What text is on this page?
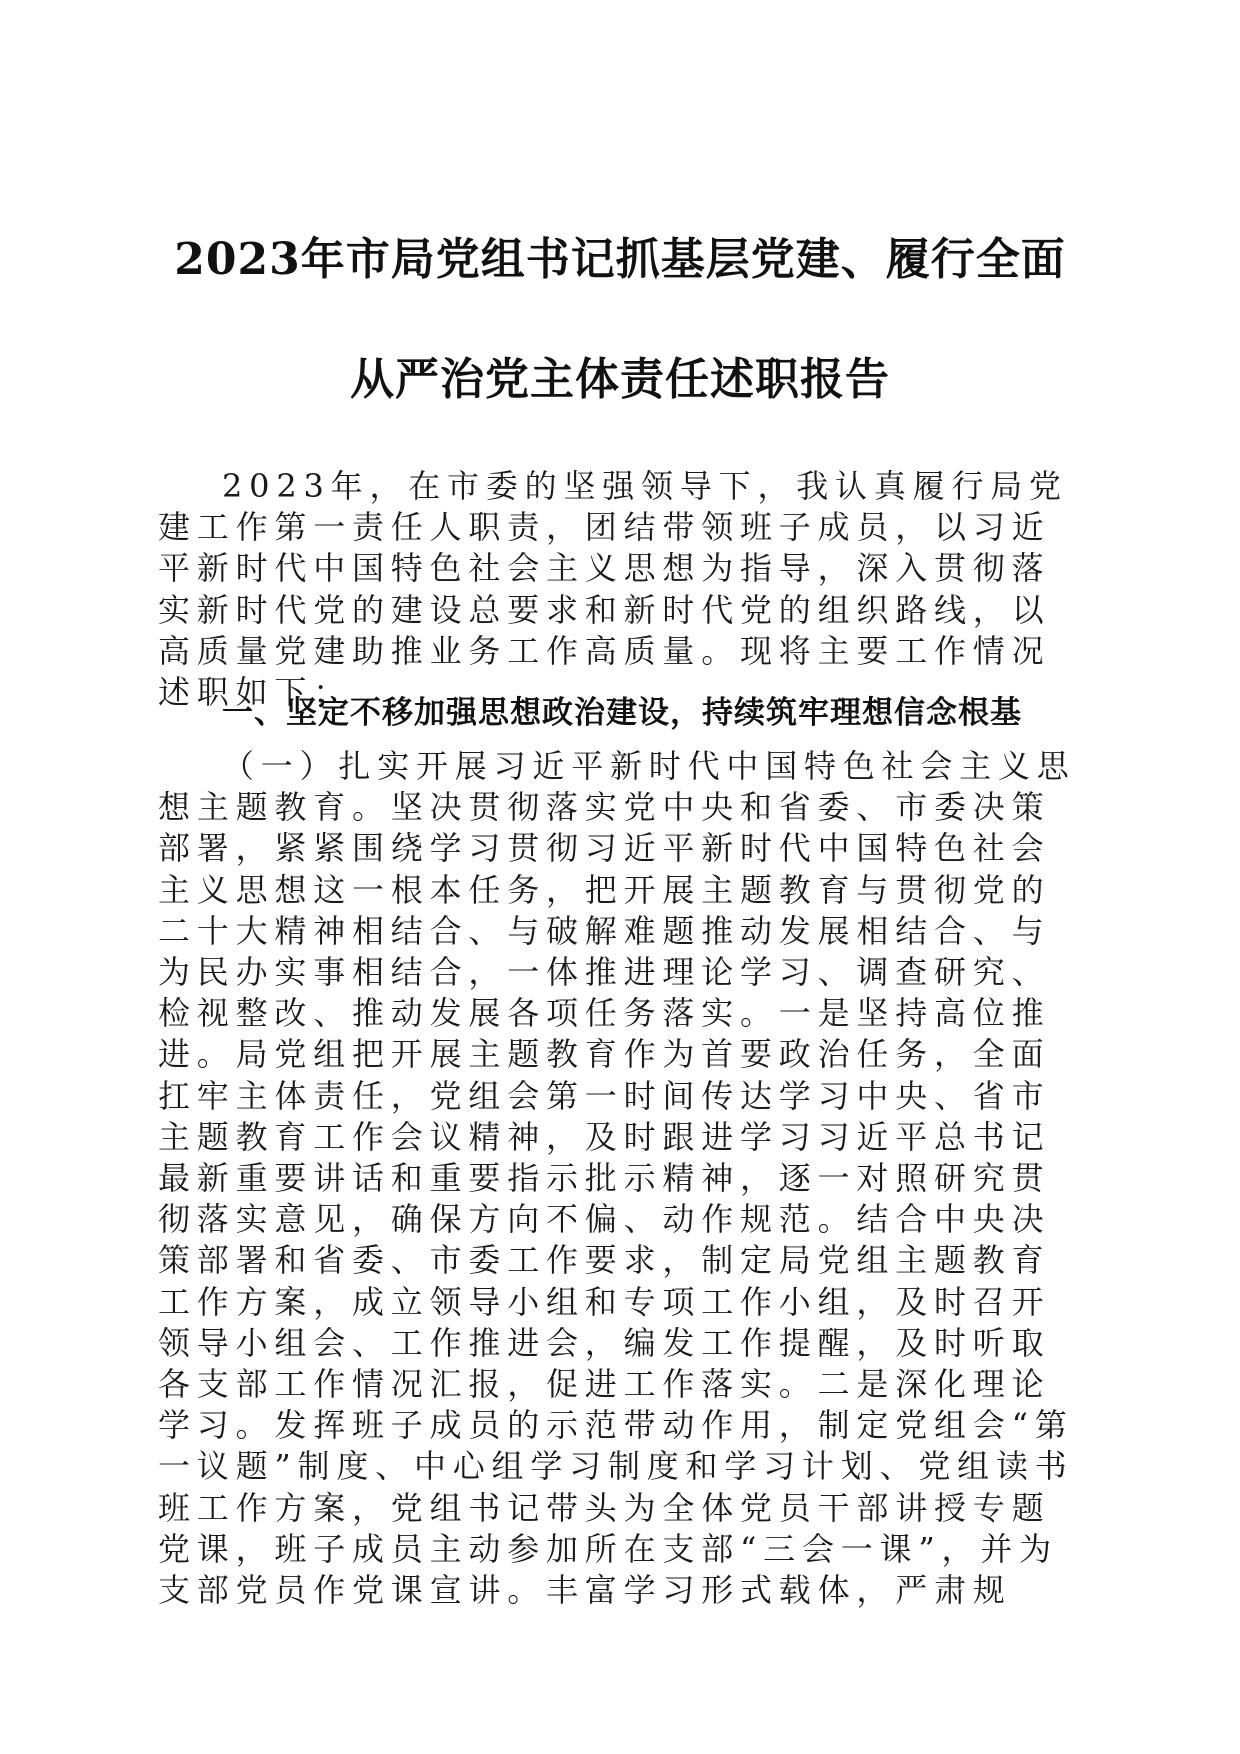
2023年市局党组书记抓基层党建、履行全面
从严治党主体责任述职报告

2023年，在市委的坚强领导下，我认真履行局党建工作第一责任人职责，团结带领班子成员，以习近平新时代中国特色社会主义思想为指导，深入贯彻落实新时代党的建设总要求和新时代党的组织路线，以高质量党建助推业务工作高质量。现将主要工作情况述职如下：

一、坚定不移加强思想政治建设，持续筑牢理想信念根基

（一）扎实开展习近平新时代中国特色社会主义思想主题教育。坚决贯彻落实党中央和省委、市委决策部署，紧紧围绕学习贯彻习近平新时代中国特色社会主义思想这一根本任务，把开展主题教育与贯彻党的二十大精神相结合、与破解难题推动发展相结合、与为民办实事相结合，一体推进理论学习、调查研究、检视整改、推动发展各项任务落实。一是坚持高位推进。局党组把开展主题教育作为首要政治任务，全面扛牢主体责任，党组会第一时间传达学习中央、省市主题教育工作会议精神，及时跟进学习习近平总书记最新重要讲话和重要指示批示精神，逐一对照研究贯彻落实意见，确保方向不偏、动作规范。结合中央决策部署和省委、市委工作要求，制定局党组主题教育工作方案，成立领导小组和专项工作小组，及时召开领导小组会、工作推进会，编发工作提醒，及时听取各支部工作情况汇报，促进工作落实。二是深化理论学习。发挥班子成员的示范带动作用，制定党组会“第一议题”制度、中心组学习制度和学习计划、党组读书班工作方案，党组书记带头为全体党员干部讲授专题党课，班子成员主动参加所在支部“三会一课”，并为支部党员作党课宣讲。丰富学习形式载体，严肃规
